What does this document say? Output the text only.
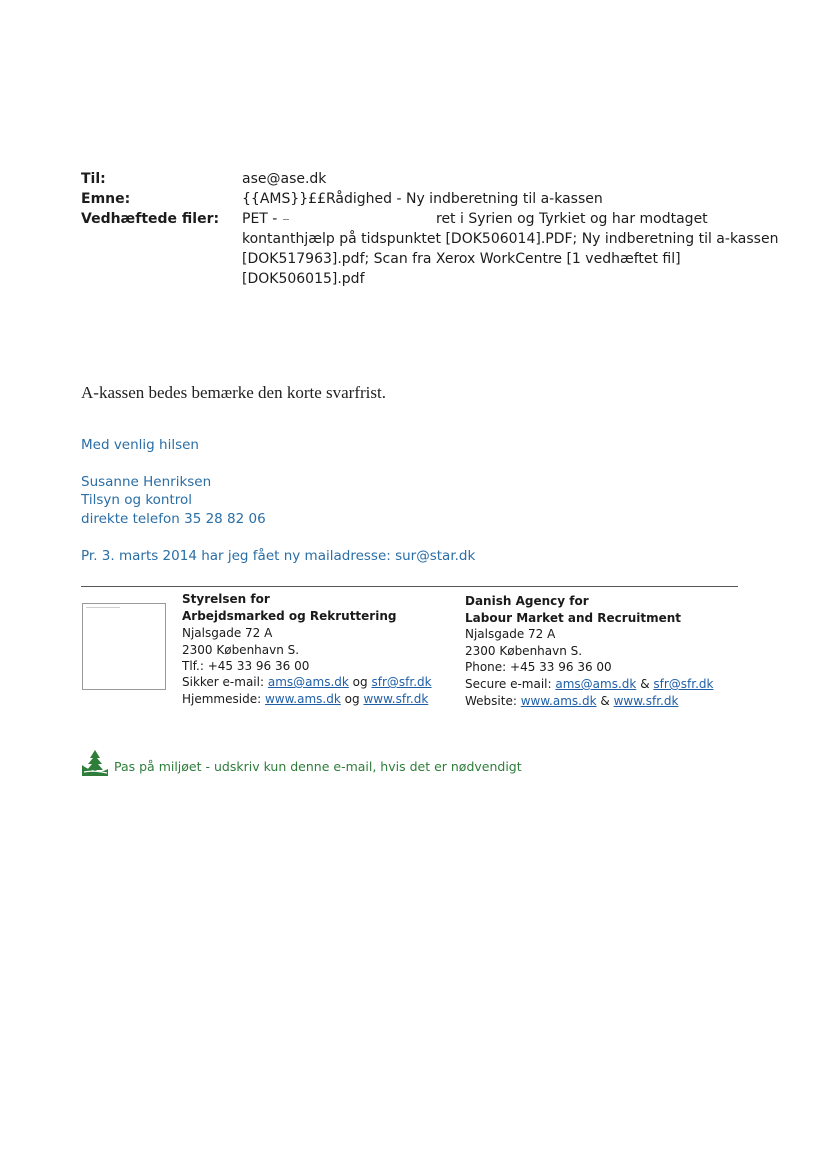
Til:	ase@ase.dk
Emne:	{{AMS}}££Rådighed - Ny indberetning til a-kassen
Vedhæftede filer: PET -	ret i Syrien og Tyrkiet og har modtaget
kontanthjælp på tidspunktet [DOK506014].PDF; Ny indberetning til a-kassen
[DOK517963].pdf; Scan fra Xerox WorkCentre [1 vedhæftet fil]
[DOK506015].pdf
A-kassen bedes bemærke den korte svarfrist.
Med venlig hilsen
Susanne Henriksen
Tilsyn og kontrol
direkte telefon 35 28 82 06
Pr. 3. marts 2014 har jeg fået ny mailadresse: sur@star.dk
Styrelsen for
Arbejdsmarked og Rekruttering
Njalsgade 72 A
2300 København S.
Tlf.: +45 33 96 36 00
Sikker e-mail: ams@ams.dk og sfr@sfr.dk
Hjemmeside: www.ams.dk og www.sfr.dk
Danish Agency for
Labour Market and Recruitment
Njalsgade 72 A
2300 København S.
Phone: +45 33 96 36 00
Secure e-mail: ams@ams.dk & sfr@sfr.dk
Website: www.ams.dk & www.sfr.dk
Pas på miljøet - udskriv kun denne e-mail, hvis det er nødvendigt
